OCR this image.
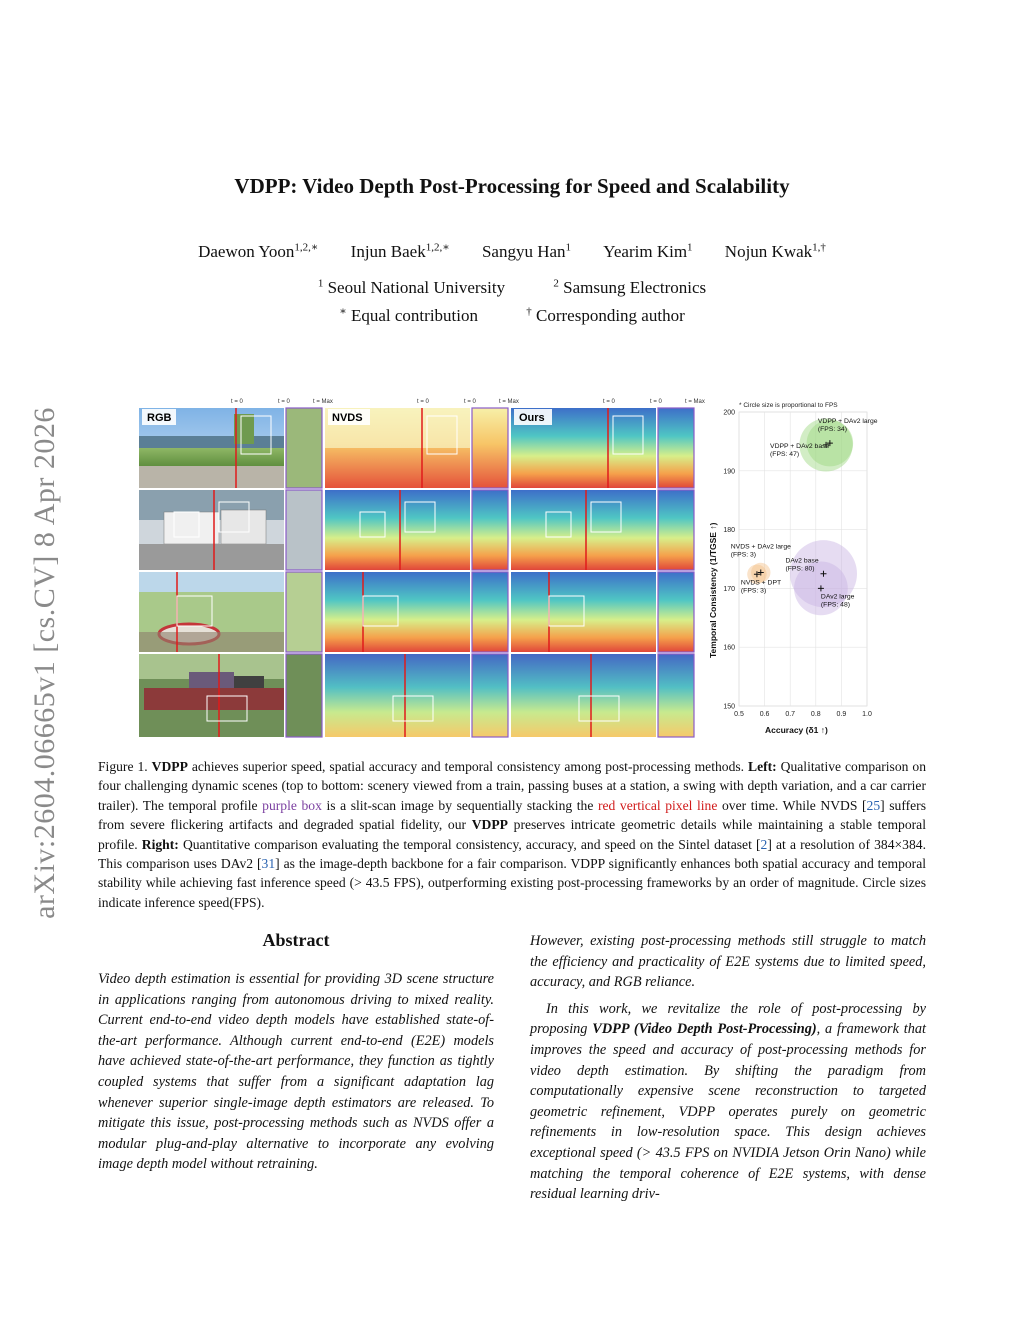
arXiv:2604.06665v1 [cs.CV] 8 Apr 2026
VDPP: Video Depth Post-Processing for Speed and Scalability
Daewon Yoon$^{1,2,∗}$ Injun Baek$^{1,2,∗}$ Sangyu Han$^1$ Yearim Kim$^1$ Nojun Kwak$^{1,\dagger}$
$^1$ Seoul National University	$^2$ Samsung Electronics
∗ Equal contribution	† Corresponding author
t = 0	t = 0	t = Max	t = 0	t = 0	t = Max	t = 0	t = 0	t = Max
RGB	NVDS	Ours
* Circle size is proportional to FPS
150
160
170
180
190
200
0.5 0.6 0.7 0.8 0.9 1.0
Accuracy (δ1 ↑)
Temporal Consistency (1/TGSE ↑)
VDPP + DAv2 large
(FPS: 34)
VDPP + DAv2 base
(FPS: 47)
NVDS + DAv2 large
(FPS: 3)
NVDS + DPT
(FPS: 3)
DAv2 base
(FPS: 80)
DAv2 large
(FPS: 48)
Figure 1. VDPP achieves superior speed, spatial accuracy and temporal consistency among post-processing methods. Left: Qualitative comparison on four challenging dynamic scenes (top to bottom: scenery viewed from a train, passing buses at a station, a swing with depth variation, and a car carrier trailer). The temporal profile purple box is a slit-scan image by sequentially stacking the red vertical pixel line over time. While NVDS [25] suffers from severe flickering artifacts and degraded spatial fidelity, our VDPP preserves intricate geometric details while maintaining a stable temporal profile. Right: Quantitative comparison evaluating the temporal consistency, accuracy, and speed on the Sintel dataset [2] at a resolution of 384×384. This comparison uses DAv2 [31] as the image-depth backbone for a fair comparison. VDPP significantly enhances both spatial accuracy and temporal stability while achieving fast inference speed (> 43.5 FPS), outperforming existing post-processing frameworks by an order of magnitude. Circle sizes indicate inference speed(FPS).
Abstract

Video depth estimation is essential for providing 3D scene structure in applications ranging from autonomous driving to mixed reality. Current end-to-end video depth models have established state-of-the-art performance. Although current end-to-end (E2E) models have achieved state-of-the-art performance, they function as tightly coupled systems that suffer from a significant adaptation lag whenever superior single-image depth estimators are released. To mitigate this issue, post-processing methods such as NVDS offer a modular plug-and-play alternative to incorporate any evolving image depth model without retraining.

However, existing post-processing methods still struggle to match the efficiency and practicality of E2E systems due to limited speed, accuracy, and RGB reliance.

In this work, we revitalize the role of post-processing by proposing VDPP (Video Depth Post-Processing), a framework that improves the speed and accuracy of post-processing methods for video depth estimation. By shifting the paradigm from computationally expensive scene reconstruction to targeted geometric refinement, VDPP operates purely on geometric refinements in low-resolution space. This design achieves exceptional speed (> 43.5 FPS on NVIDIA Jetson Orin Nano) while matching the temporal coherence of E2E systems, with dense residual learning driv-
